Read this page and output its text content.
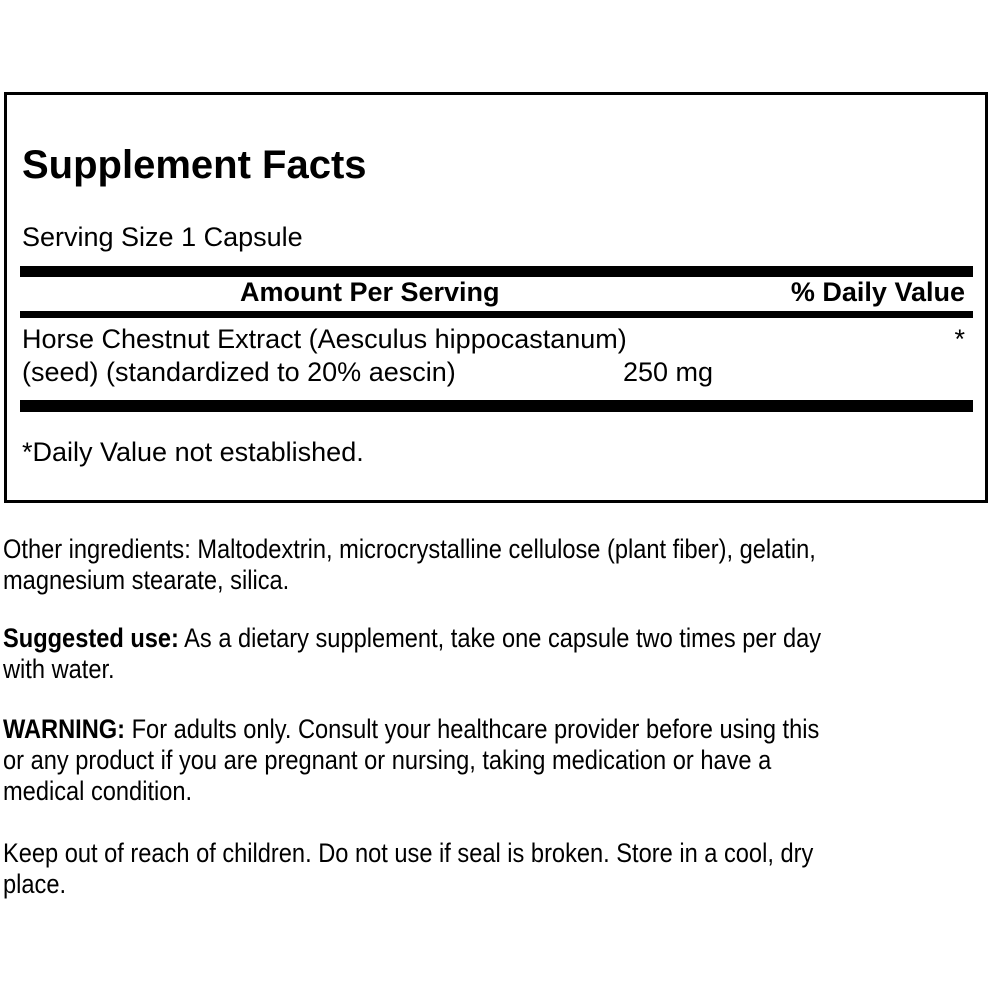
Supplement Facts
Serving Size 1 Capsule
Amount Per Serving	% Daily Value
Horse Chestnut Extract (Aesculus hippocastanum)	*
(seed) (standardized to 20% aescin)	250 mg
*Daily Value not established.
Other ingredients: Maltodextrin, microcrystalline cellulose (plant fiber), gelatin,
magnesium stearate, silica.
Suggested use: As a dietary supplement, take one capsule two times per day
with water.
WARNING: For adults only. Consult your healthcare provider before using this
or any product if you are pregnant or nursing, taking medication or have a
medical condition.
Keep out of reach of children. Do not use if seal is broken. Store in a cool, dry
place.
